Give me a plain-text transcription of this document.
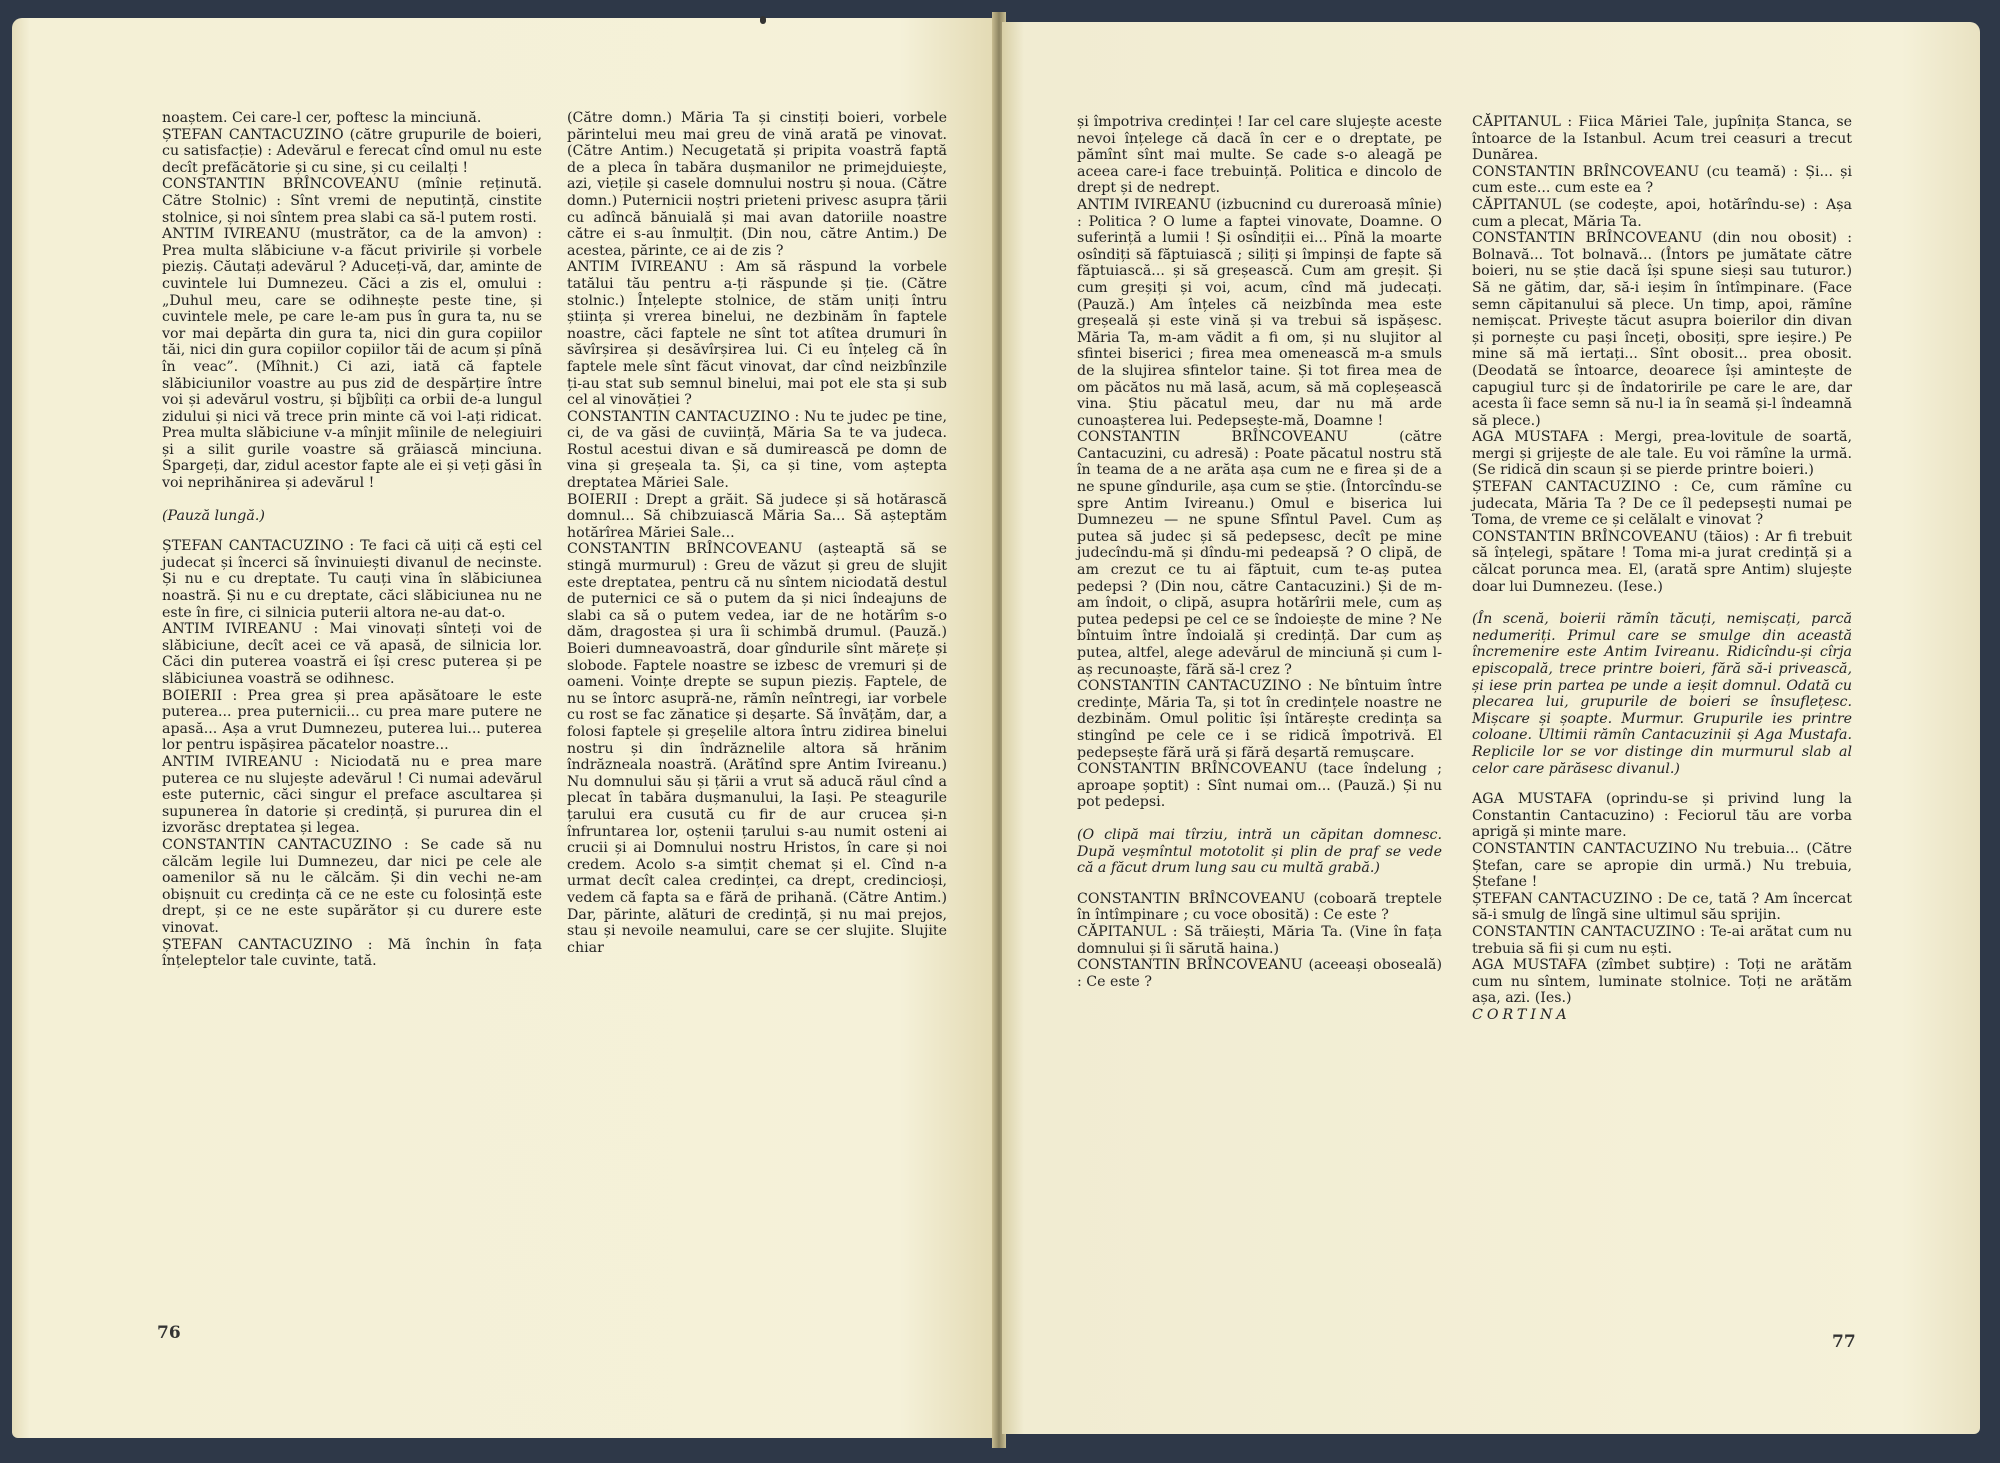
noaștem. Cei care-l cer, poftesc la minciună.

ȘTEFAN CANTACUZINO (către grupurile de boieri, cu satisfacție) : Adevărul e ferecat cînd omul nu este decît prefăcătorie și cu sine, și cu ceilalți !

CONSTANTIN BRÎNCOVEANU (mînie reținută. Către Stolnic) : Sînt vremi de neputință, cinstite stolnice, și noi sîntem prea slabi ca să-l putem rosti.

ANTIM IVIREANU (mustrător, ca de la amvon) : Prea multa slăbiciune v-a făcut privirile și vorbele pieziș. Căutați adevărul ? Aduceți-vă, dar, aminte de cuvintele lui Dumnezeu. Căci a zis el, omului : „Duhul meu, care se odihnește peste tine, și cuvintele mele, pe care le-am pus în gura ta, nu se vor mai depărta din gura ta, nici din gura copiilor tăi, nici din gura copiilor copiilor tăi de acum și pînă în veac”. (Mîhnit.) Ci azi, iată că faptele slăbiciunilor voastre au pus zid de despărțire între voi și adevărul vostru, și bîjbîiți ca orbii de-a lungul zidului și nici vă trece prin minte că voi l-ați ridicat. Prea multa slăbiciune v-a mînjit mîinile de nelegiuiri și a silit gurile voastre să grăiască minciuna. Spargeți, dar, zidul acestor fapte ale ei și veți găsi în voi neprihănirea și adevărul !

(Pauză lungă.)

ȘTEFAN CANTACUZINO : Te faci că uiți că ești cel judecat și încerci să învinuiești divanul de necinste. Și nu e cu dreptate. Tu cauți vina în slăbiciunea noastră. Și nu e cu dreptate, căci slăbiciunea nu ne este în fire, ci silnicia puterii altora ne-au dat-o.

ANTIM IVIREANU : Mai vinovați sînteți voi de slăbiciune, decît acei ce vă apasă, de silnicia lor. Căci din puterea voastră ei își cresc puterea și pe slăbiciunea voastră se odihnesc.

BOIERII : Prea grea și prea apăsătoare le este puterea... prea puternicii... cu prea mare putere ne apasă... Așa a vrut Dumnezeu, puterea lui... puterea lor pentru ispășirea păcatelor noastre...

ANTIM IVIREANU : Niciodată nu e prea mare puterea ce nu slujește adevărul ! Ci numai adevărul este puternic, căci singur el preface ascultarea și supunerea în datorie și credință, și pururea din el izvorăsc dreptatea și legea.

CONSTANTIN CANTACUZINO : Se cade să nu călcăm legile lui Dumnezeu, dar nici pe cele ale oamenilor să nu le călcăm. Și din vechi ne-am obișnuit cu credința că ce ne este cu folosință este drept, și ce ne este supărător și cu durere este vinovat.

ȘTEFAN CANTACUZINO : Mă închin în fața înțeleptelor tale cuvinte, tată.

(Către domn.) Măria Ta și cinstiți boieri, vorbele părintelui meu mai greu de vină arată pe vinovat. (Către Antim.) Necugetată și pripita voastră faptă de a pleca în tabăra dușmanilor ne primejduiește, azi, viețile și casele domnului nostru și noua. (Către domn.) Puternicii noștri prieteni privesc asupra țării cu adîncă bănuială și mai avan datoriile noastre către ei s-au înmulțit. (Din nou, către Antim.) De acestea, părinte, ce ai de zis ?

ANTIM IVIREANU : Am să răspund la vorbele tatălui tău pentru a-ți răspunde și ție. (Către stolnic.) Înțelepte stolnice, de stăm uniți întru știința și vrerea binelui, ne dezbinăm în faptele noastre, căci faptele ne sînt tot atîtea drumuri în săvîrșirea și desăvîrșirea lui. Ci eu înțeleg că în faptele mele sînt făcut vinovat, dar cînd neizbînzile ți-au stat sub semnul binelui, mai pot ele sta și sub cel al vinovăției ?

CONSTANTIN CANTACUZINO : Nu te judec pe tine, ci, de va găsi de cuviință, Măria Sa te va judeca. Rostul acestui divan e să dumirească pe domn de vina și greșeala ta. Și, ca și tine, vom aștepta dreptatea Măriei Sale.

BOIERII : Drept a grăit. Să judece și să hotărască domnul... Să chibzuiască Măria Sa... Să așteptăm hotărîrea Măriei Sale...

CONSTANTIN BRÎNCOVEANU (așteaptă să se stingă murmurul) : Greu de văzut și greu de slujit este dreptatea, pentru că nu sîntem niciodată destul de puternici ce să o putem da și nici îndeajuns de slabi ca să o putem vedea, iar de ne hotărîm s-o dăm, dragostea și ura îi schimbă drumul. (Pauză.) Boieri dumneavoastră, doar gîndurile sînt mărețe și slobode. Faptele noastre se izbesc de vremuri și de oameni. Voințe drepte se supun pieziș. Faptele, de nu se întorc asupră-ne, rămîn neîntregi, iar vorbele cu rost se fac zănatice și deșarte. Să învățăm, dar, a folosi faptele și greșelile altora întru zidirea binelui nostru și din îndrăznelile altora să hrănim îndrăzneala noastră. (Arătînd spre Antim Ivireanu.) Nu domnului său și țării a vrut să aducă răul cînd a plecat în tabăra dușmanului, la Iași. Pe steagurile țarului era cusută cu fir de aur crucea și-n înfruntarea lor, oștenii țarului s-au numit osteni ai crucii și ai Domnului nostru Hristos, în care și noi credem. Acolo s-a simțit chemat și el. Cînd n-a urmat decît calea credinței, ca drept, credincioși, vedem că fapta sa e fără de prihană. (Către Antim.) Dar, părinte, alături de credință, și nu mai prejos, stau și nevoile neamului, care se cer slujite. Slujite chiar

76

și împotriva credinței ! Iar cel care slujește aceste nevoi înțelege că dacă în cer e o dreptate, pe pămînt sînt mai multe. Se cade s-o aleagă pe aceea care-i face trebuință. Politica e dincolo de drept și de nedrept.

ANTIM IVIREANU (izbucnind cu dureroasă mînie) : Politica ? O lume a faptei vinovate, Doamne. O suferință a lumii ! Și osîndiții ei... Pînă la moarte osîndiți să făptuiască ; siliți și împinși de fapte să făptuiască... și să greșească. Cum am greșit. Și cum greșiți și voi, acum, cînd mă judecați. (Pauză.) Am înțeles că neizbînda mea este greșeală și este vină și va trebui să ispășesc. Măria Ta, m-am vădit a fi om, și nu slujitor al sfintei biserici ; firea mea omenească m-a smuls de la slujirea sfintelor taine. Și tot firea mea de om păcătos nu mă lasă, acum, să mă copleșească vina. Știu păcatul meu, dar nu mă arde cunoașterea lui. Pedepsește-mă, Doamne !

CONSTANTIN BRÎNCOVEANU (către Cantacuzini, cu adresă) : Poate păcatul nostru stă în teama de a ne arăta așa cum ne e firea și de a ne spune gîndurile, așa cum se știe. (Întorcîndu-se spre Antim Ivireanu.) Omul e biserica lui Dumnezeu — ne spune Sfîntul Pavel. Cum aș putea să judec și să pedepsesc, decît pe mine judecîndu-mă și dîndu-mi pedeapsă ? O clipă, de am crezut ce tu ai făptuit, cum te-aș putea pedepsi ? (Din nou, către Cantacuzini.) Și de m-am îndoit, o clipă, asupra hotărîrii mele, cum aș putea pedepsi pe cel ce se îndoiește de mine ? Ne bîntuim între îndoială și credință. Dar cum aș putea, altfel, alege adevărul de minciună și cum l-aș recunoaște, fără să-l crez ?

CONSTANTIN CANTACUZINO : Ne bîntuim între credințe, Măria Ta, și tot în credințele noastre ne dezbinăm. Omul politic își întărește credința sa stingînd pe cele ce i se ridică împotrivă. El pedepsește fără ură și fără deșartă remușcare.

CONSTANTIN BRÎNCOVEANU (tace îndelung ; aproape șoptit) : Sînt numai om... (Pauză.) Și nu pot pedepsi.

(O clipă mai tîrziu, intră un căpitan domnesc. După veșmîntul mototolit și plin de praf se vede că a făcut drum lung sau cu multă grabă.)

CONSTANTIN BRÎNCOVEANU (coboară treptele în întîmpinare ; cu voce obosită) : Ce este ?

CĂPITANUL : Să trăiești, Măria Ta. (Vine în fața domnului și îi sărută haina.)

CONSTANTIN BRÎNCOVEANU (aceeași oboseală) : Ce este ?

CĂPITANUL : Fiica Măriei Tale, jupînița Stanca, se întoarce de la Istanbul. Acum trei ceasuri a trecut Dunărea.

CONSTANTIN BRÎNCOVEANU (cu teamă) : Și... și cum este... cum este ea ?

CĂPITANUL (se codește, apoi, hotărîndu-se) : Așa cum a plecat, Măria Ta.

CONSTANTIN BRÎNCOVEANU (din nou obosit) : Bolnavă... Tot bolnavă... (Întors pe jumătate către boieri, nu se știe dacă își spune sieși sau tuturor.) Să ne gătim, dar, să-i ieșim în întîmpinare. (Face semn căpitanului să plece. Un timp, apoi, rămîne nemișcat. Privește tăcut asupra boierilor din divan și pornește cu pași înceți, obosiți, spre ieșire.) Pe mine să mă iertați... Sînt obosit... prea obosit. (Deodată se întoarce, deoarece își amintește de capugiul turc și de îndatoririle pe care le are, dar acesta îi face semn să nu-l ia în seamă și-l îndeamnă să plece.)

AGA MUSTAFA : Mergi, prea-lovitule de soartă, mergi și grijește de ale tale. Eu voi rămîne la urmă. (Se ridică din scaun și se pierde printre boieri.)

ȘTEFAN CANTACUZINO : Ce, cum rămîne cu judecata, Măria Ta ? De ce îl pedepsești numai pe Toma, de vreme ce și celălalt e vinovat ?

CONSTANTIN BRÎNCOVEANU (tăios) : Ar fi trebuit să înțelegi, spătare ! Toma mi-a jurat credință și a călcat porunca mea. El, (arată spre Antim) slujește doar lui Dumnezeu. (Iese.)

(În scenă, boierii rămîn tăcuți, nemișcați, parcă nedumeriți. Primul care se smulge din această încremenire este Antim Ivireanu. Ridicîndu-și cîrja episcopală, trece printre boieri, fără să-i privească, și iese prin partea pe unde a ieșit domnul. Odată cu plecarea lui, grupurile de boieri se însuflețesc. Mișcare și șoapte. Murmur. Grupurile ies printre coloane. Ultimii rămîn Cantacuzinii și Aga Mustafa. Replicile lor se vor distinge din murmurul slab al celor care părăsesc divanul.)

AGA MUSTAFA (oprindu-se și privind lung la Constantin Cantacuzino) : Feciorul tău are vorba aprigă și minte mare.

CONSTANTIN CANTACUZINO Nu trebuia... (Către Ștefan, care se apropie din urmă.) Nu trebuia, Ștefane !

ȘTEFAN CANTACUZINO : De ce, tată ? Am încercat să-i smulg de lîngă sine ultimul său sprijin.

CONSTANTIN CANTACUZINO : Te-ai arătat cum nu trebuia să fii și cum nu ești.

AGA MUSTAFA (zîmbet subțire) : Toți ne arătăm cum nu sîntem, luminate stolnice. Toți ne arătăm așa, azi. (Ies.)

CORTINA

77
